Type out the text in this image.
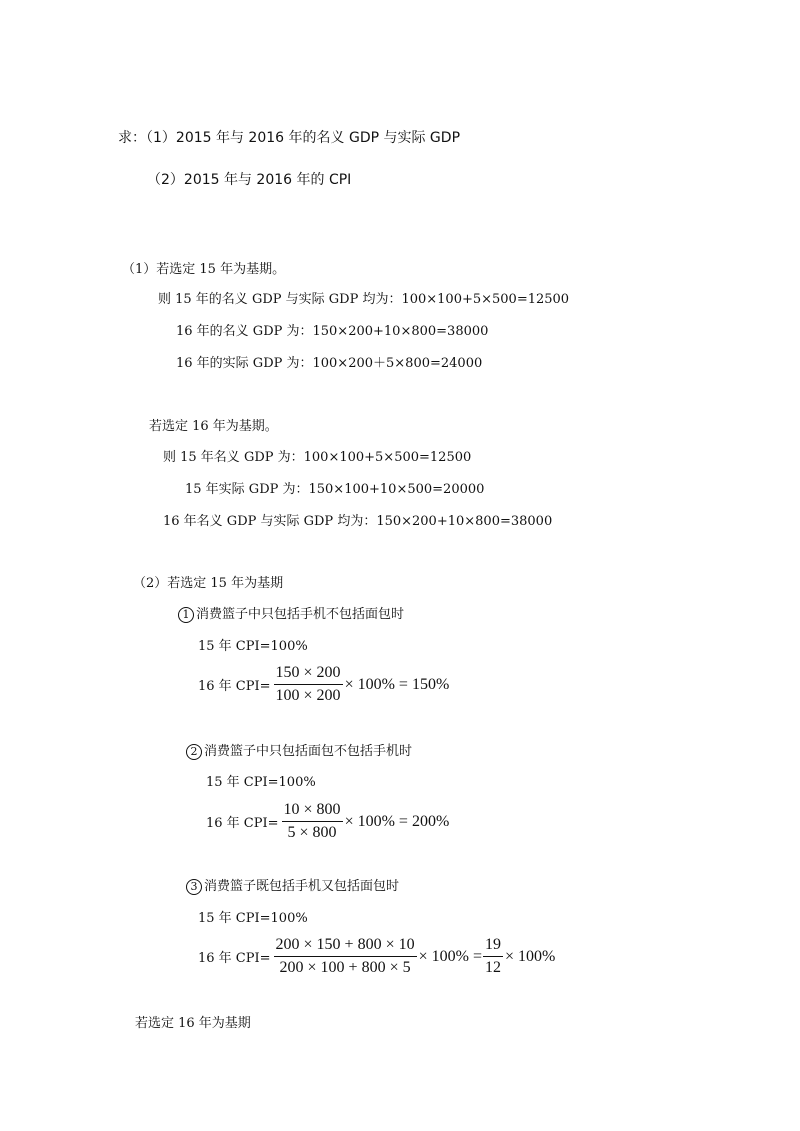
求：（1）2015 年与 2016 年的名义 GDP 与实际 GDP
（2）2015 年与 2016 年的 CPI
（1）若选定 15 年为基期。
则 15 年的名义 GDP 与实际 GDP 均为：100×100+5×500=12500
16 年的名义 GDP 为：150×200+10×800=38000
16 年的实际 GDP 为：100×200＋5×800=24000
若选定 16 年为基期。
则 15 年名义 GDP 为：100×100+5×500=12500
15 年实际 GDP 为：150×100+10×500=20000
16 年名义 GDP 与实际 GDP 均为：150×200+10×800=38000
（2）若选定 15 年为基期
1 消费篮子中只包括手机不包括面包时
15 年 CPI=100%
16 年 $CPI= \frac{150 \times 200}{100 \times 200} \times 100\% = 150\%$
2 消费篮子中只包括面包不包括手机时
15 年 CPI=100%
16 年 $CPI= \frac{10 \times 800}{5 \times 800} \times 100\% = 200\%$
3 消费篮子既包括手机又包括面包时
15 年 CPI=100%
16 年 $CPI= \frac{200 \times 150 + 800 \times 10}{200 \times 100 + 800 \times 5} \times 100\% = \frac{19}{12} \times 100\%$
若选定 16 年为基期
